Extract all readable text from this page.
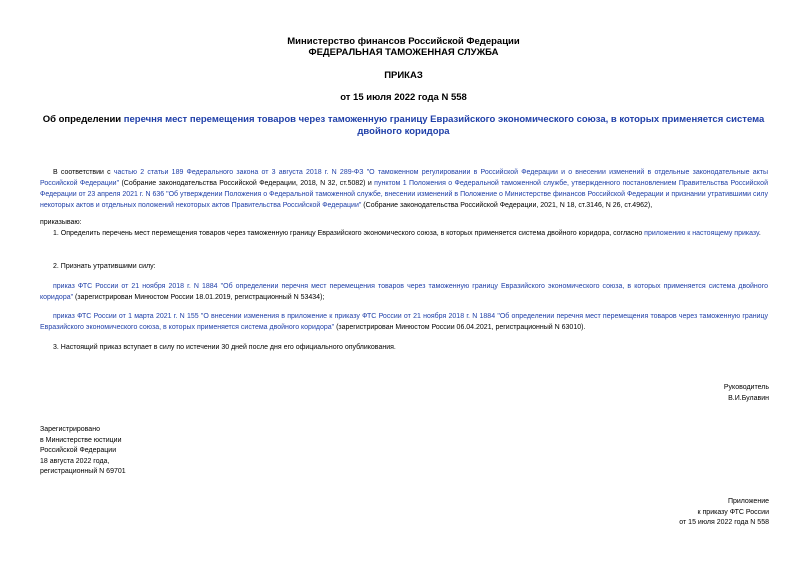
Министерство финансов Российской Федерации
ФЕДЕРАЛЬНАЯ ТАМОЖЕННАЯ СЛУЖБА
ПРИКАЗ
от 15 июля 2022 года N 558
Об определении перечня мест перемещения товаров через таможенную границу Евразийского экономического союза, в которых применяется система двойного коридора
В соответствии с частью 2 статьи 189 Федерального закона от 3 августа 2018 г. N 289-ФЗ "О таможенном регулировании в Российской Федерации и о внесении изменений в отдельные законодательные акты Российской Федерации" (Собрание законодательства Российской Федерации, 2018, N 32, ст.5082) и пунктом 1 Положения о Федеральной таможенной службе, утвержденного постановлением Правительства Российской Федерации от 23 апреля 2021 г. N 636 "Об утверждении Положения о Федеральной таможенной службе, внесении изменений в Положение о Министерстве финансов Российской Федерации и признании утратившими силу некоторых актов и отдельных положений некоторых актов Правительства Российской Федерации" (Собрание законодательства Российской Федерации, 2021, N 18, ст.3146, N 26, ст.4962),
приказываю:
1. Определить перечень мест перемещения товаров через таможенную границу Евразийского экономического союза, в которых применяется система двойного коридора, согласно приложению к настоящему приказу.
2. Признать утратившими силу:
приказ ФТС России от 21 ноября 2018 г. N 1884 "Об определении перечня мест перемещения товаров через таможенную границу Евразийского экономического союза, в которых применяется система двойного коридора" (зарегистрирован Минюстом России 18.01.2019, регистрационный N 53434);
приказ ФТС России от 1 марта 2021 г. N 155 "О внесении изменения в приложение к приказу ФТС России от 21 ноября 2018 г. N 1884 "Об определении перечня мест перемещения товаров через таможенную границу Евразийского экономического союза, в которых применяется система двойного коридора" (зарегистрирован Минюстом России 06.04.2021, регистрационный N 63010).
3. Настоящий приказ вступает в силу по истечении 30 дней после дня его официального опубликования.
Руководитель
В.И.Булавин
Зарегистрировано
в Министерстве юстиции
Российской Федерации
18 августа 2022 года,
регистрационный N 69701
Приложение
к приказу ФТС России
от 15 июля 2022 года N 558
